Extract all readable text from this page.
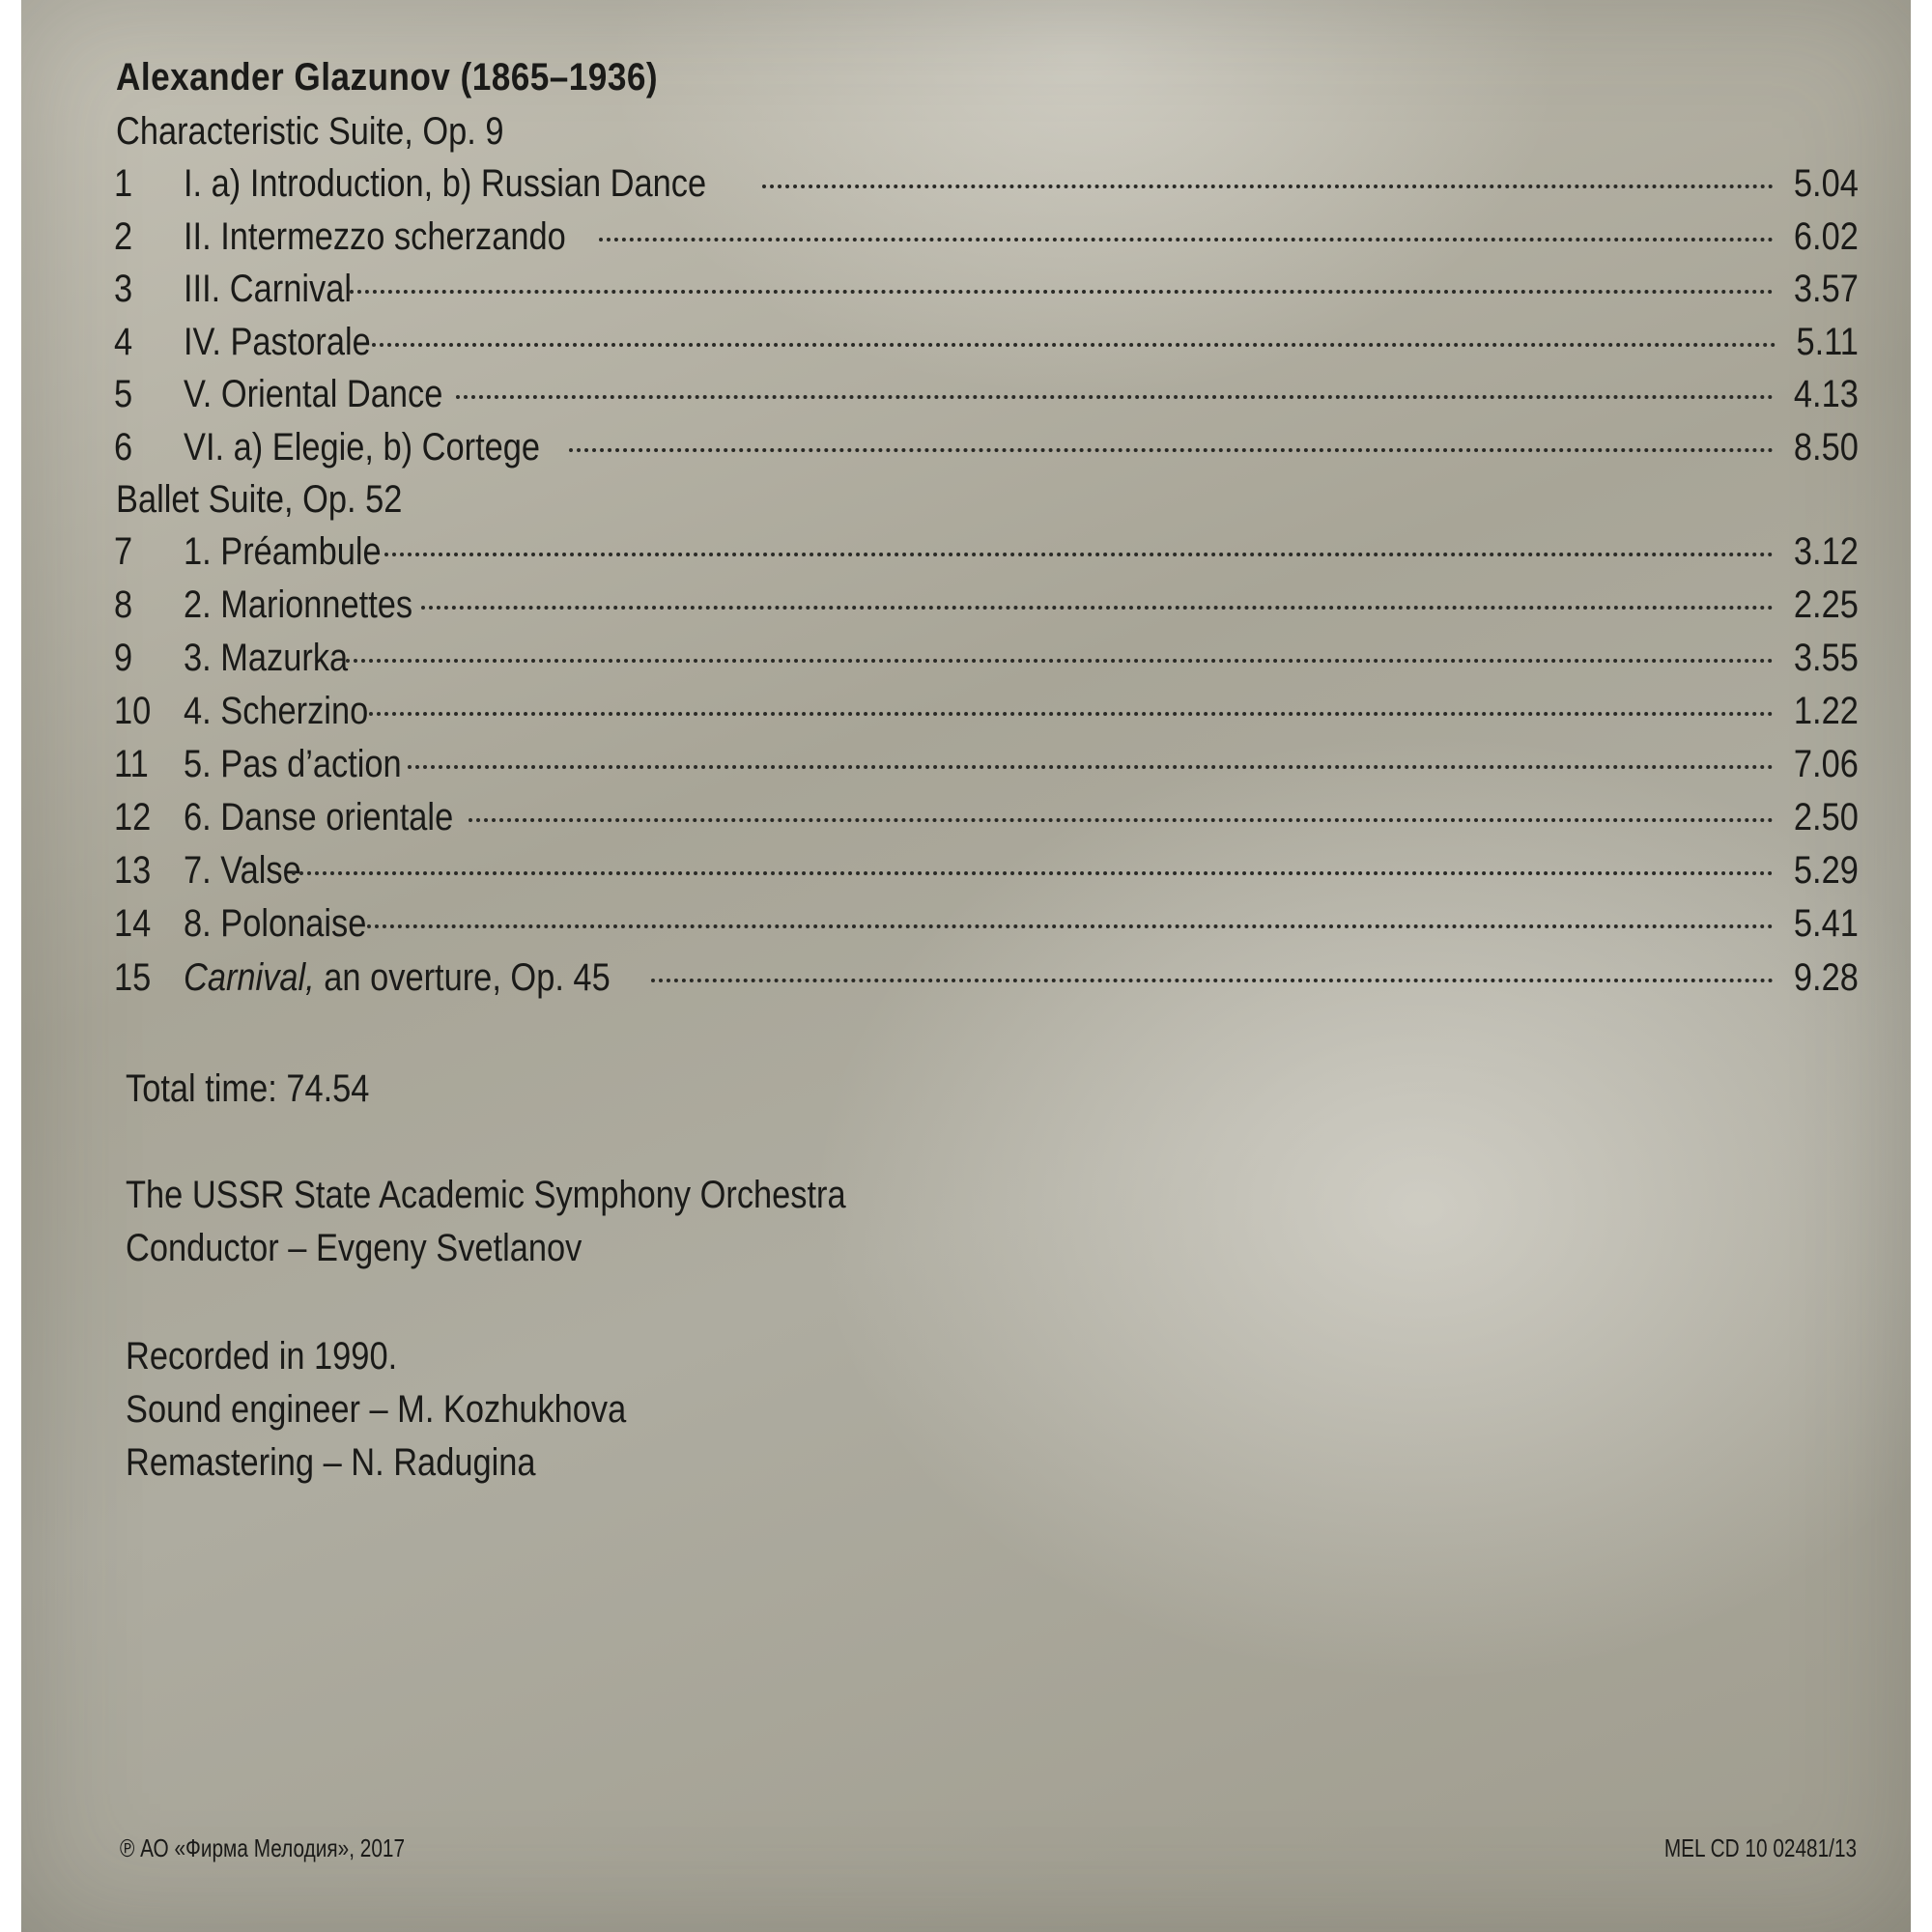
Alexander Glazunov (1865–1936)
Characteristic Suite, Op. 9
1	I. a) Introduction, b) Russian Dance	5.04
2	II. Intermezzo scherzando	6.02
3	III. Carnival	3.57
4	IV. Pastorale	5.11
5	V. Oriental Dance	4.13
6	VI. a) Elegie, b) Cortege	8.50
Ballet Suite, Op. 52
7	1. Préambule	3.12
8	2. Marionnettes	2.25
9	3. Mazurka	3.55
10 4. Scherzino	1.22
11 5. Pas d’action	7.06
12 6. Danse orientale	2.50
13 7. Valse	5.29
14 8. Polonaise	5.41
15 Carnival, an overture, Op. 45	9.28
Total time: 74.54
The USSR State Academic Symphony Orchestra
Conductor – Evgeny Svetlanov
Recorded in 1990.
Sound engineer – M. Kozhukhova
Remastering – N. Radugina
℗ АО «Фирма Мелодия», 2017	MEL CD 10 02481/13
